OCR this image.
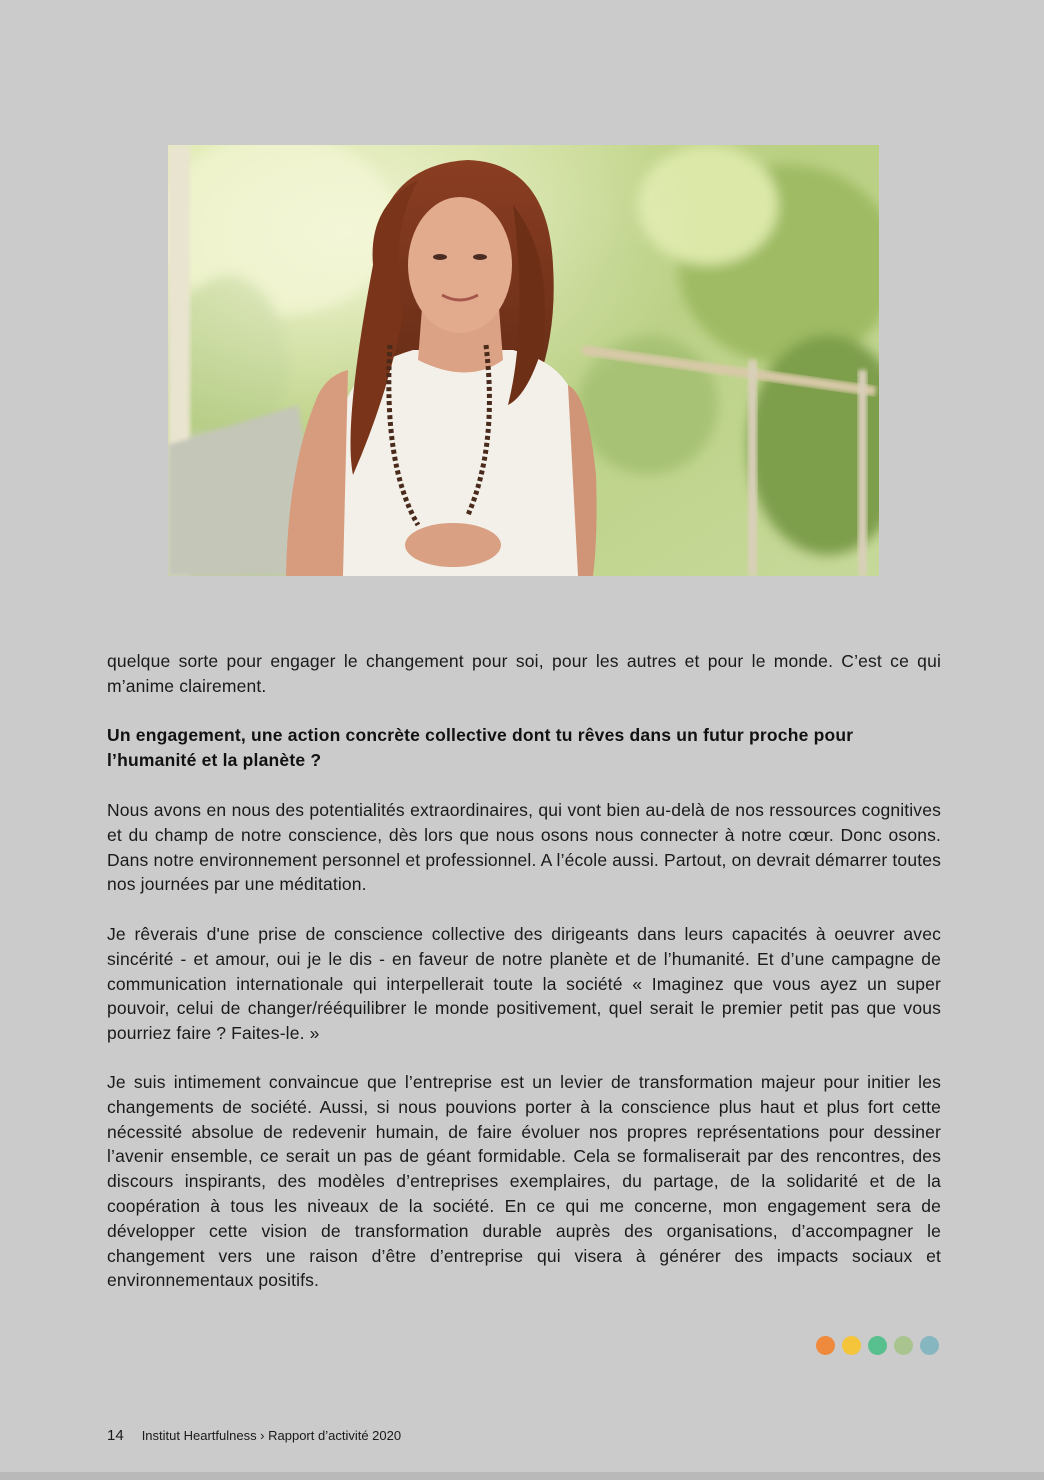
quelque sorte pour engager le changement pour soi, pour les autres et pour le monde. C’est ce qui m’anime clairement.
Un engagement, une action concrète collective dont tu rêves dans un futur proche pour l’humanité et la planète ?
Nous avons en nous des potentialités extraordinaires, qui vont bien au-delà de nos ressources cognitives et du champ de notre conscience, dès lors que nous osons nous connecter à notre cœur. Donc osons. Dans notre environnement personnel et professionnel. A l’école aussi. Partout, on devrait démarrer toutes nos journées par une méditation.
Je rêverais d'une prise de conscience collective des dirigeants dans leurs capacités à oeuvrer avec sincérité - et amour, oui je le dis - en faveur de notre planète et de l’humanité. Et d’une campagne de communication internationale qui interpellerait toute la société « Imaginez que vous ayez un super pouvoir, celui de changer/rééquilibrer le monde positivement, quel serait le premier petit pas que vous pourriez faire ? Faites-le. »
Je suis intimement convaincue que l’entreprise est un levier de transformation majeur pour initier les changements de société. Aussi, si nous pouvions porter à la conscience plus haut et plus fort cette nécessité absolue de redevenir humain, de faire évoluer nos propres représentations pour dessiner l’avenir ensemble, ce serait un pas de géant formidable. Cela se formaliserait par des rencontres, des discours inspirants, des modèles d’entreprises exemplaires, du partage, de la solidarité et de la coopération à tous les niveaux de la société. En ce qui me concerne, mon engagement sera de développer cette vision de transformation durable auprès des organisations, d’accompagner le changement vers une raison d’être d’entreprise qui visera à générer des impacts sociaux et environnementaux positifs.
14 Institut Heartfulness › Rapport d’activité 2020
